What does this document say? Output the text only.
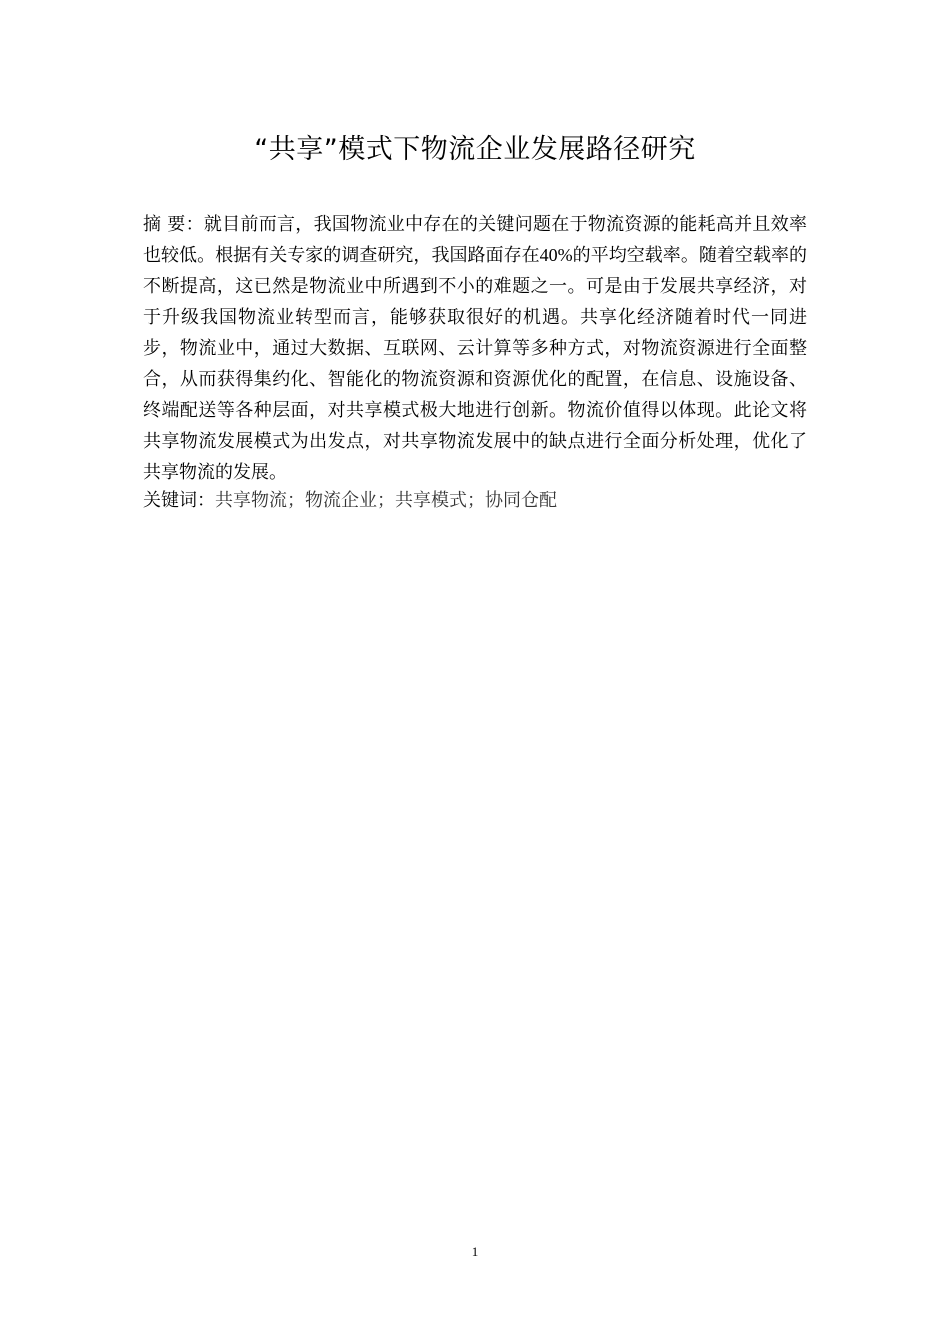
“共享”模式下物流企业发展路径研究

摘 要：就目前而言，我国物流业中存在的关键问题在于物流资源的能耗高并且效率也较低。根据有关专家的调查研究，我国路面存在40%的平均空载率。随着空载率的不断提高，这已然是物流业中所遇到不小的难题之一。可是由于发展共享经济，对于升级我国物流业转型而言，能够获取很好的机遇。共享化经济随着时代一同进步，物流业中，通过大数据、互联网、云计算等多种方式，对物流资源进行全面整合，从而获得集约化、智能化的物流资源和资源优化的配置，在信息、设施设备、终端配送等各种层面，对共享模式极大地进行创新。物流价值得以体现。此论文将共享物流发展模式为出发点，对共享物流发展中的缺点进行全面分析处理，优化了共享物流的发展。

关键词：共享物流；物流企业；共享模式；协同仓配

1
